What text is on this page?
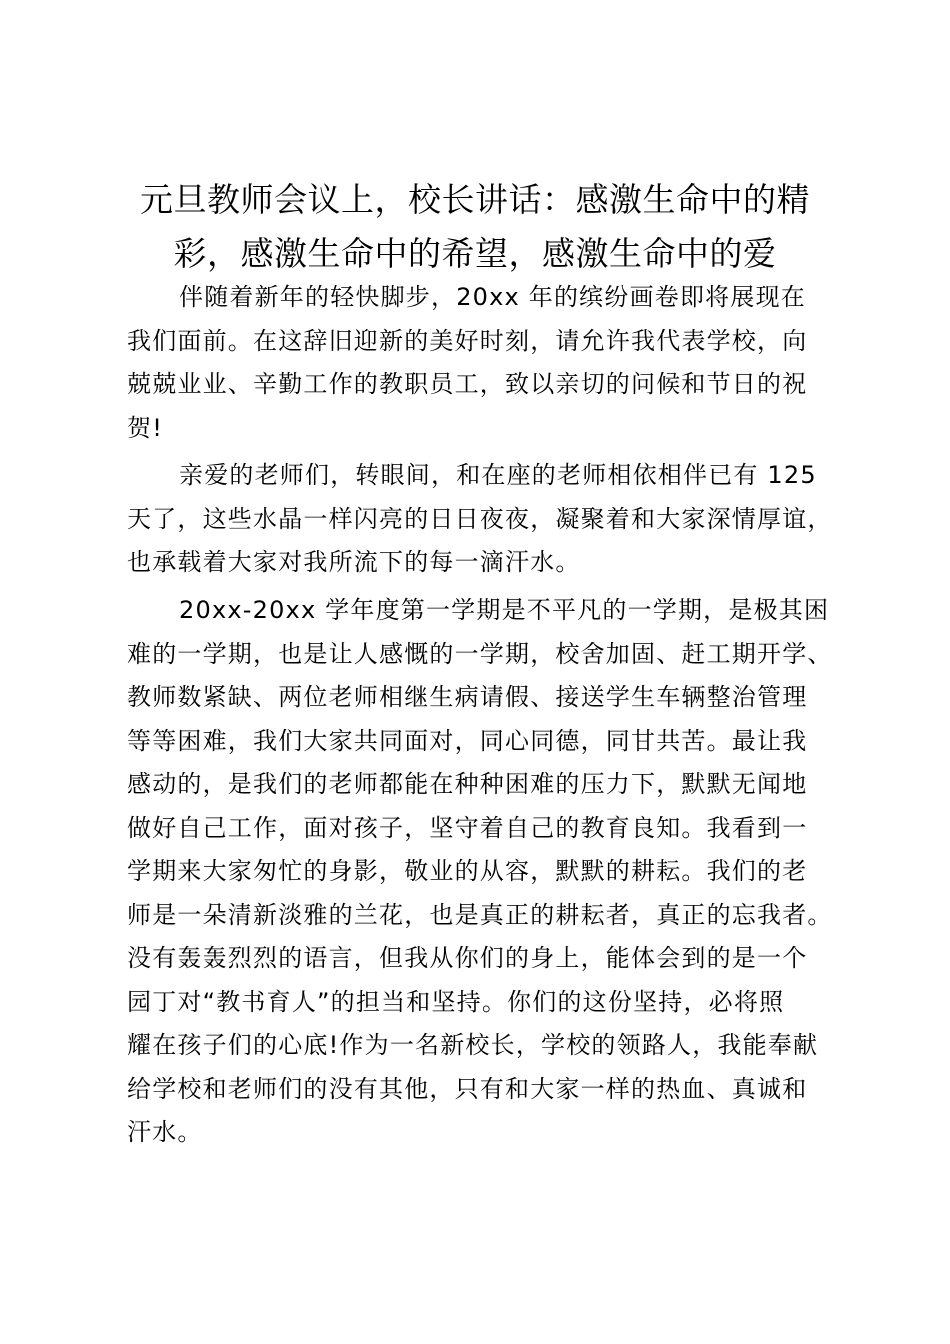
元旦教师会议上，校长讲话：感激生命中的精
彩，感激生命中的希望，感激生命中的爱
伴随着新年的轻快脚步，20xx 年的缤纷画卷即将展现在
我们面前。在这辞旧迎新的美好时刻，请允许我代表学校，向
兢兢业业、辛勤工作的教职员工，致以亲切的问候和节日的祝
贺!
亲爱的老师们，转眼间，和在座的老师相依相伴已有 125
天了，这些水晶一样闪亮的日日夜夜，凝聚着和大家深情厚谊，
也承载着大家对我所流下的每一滴汗水。
20xx-20xx 学年度第一学期是不平凡的一学期，是极其困
难的一学期，也是让人感慨的一学期，校舍加固、赶工期开学、
教师数紧缺、两位老师相继生病请假、接送学生车辆整治管理
等等困难，我们大家共同面对，同心同德，同甘共苦。最让我
感动的，是我们的老师都能在种种困难的压力下，默默无闻地
做好自己工作，面对孩子，坚守着自己的教育良知。我看到一
学期来大家匆忙的身影，敬业的从容，默默的耕耘。我们的老
师是一朵清新淡雅的兰花，也是真正的耕耘者，真正的忘我者。
没有轰轰烈烈的语言，但我从你们的身上，能体会到的是一个
园丁对“教书育人”的担当和坚持。你们的这份坚持，必将照
耀在孩子们的心底!作为一名新校长，学校的领路人，我能奉献
给学校和老师们的没有其他，只有和大家一样的热血、真诚和
汗水。
